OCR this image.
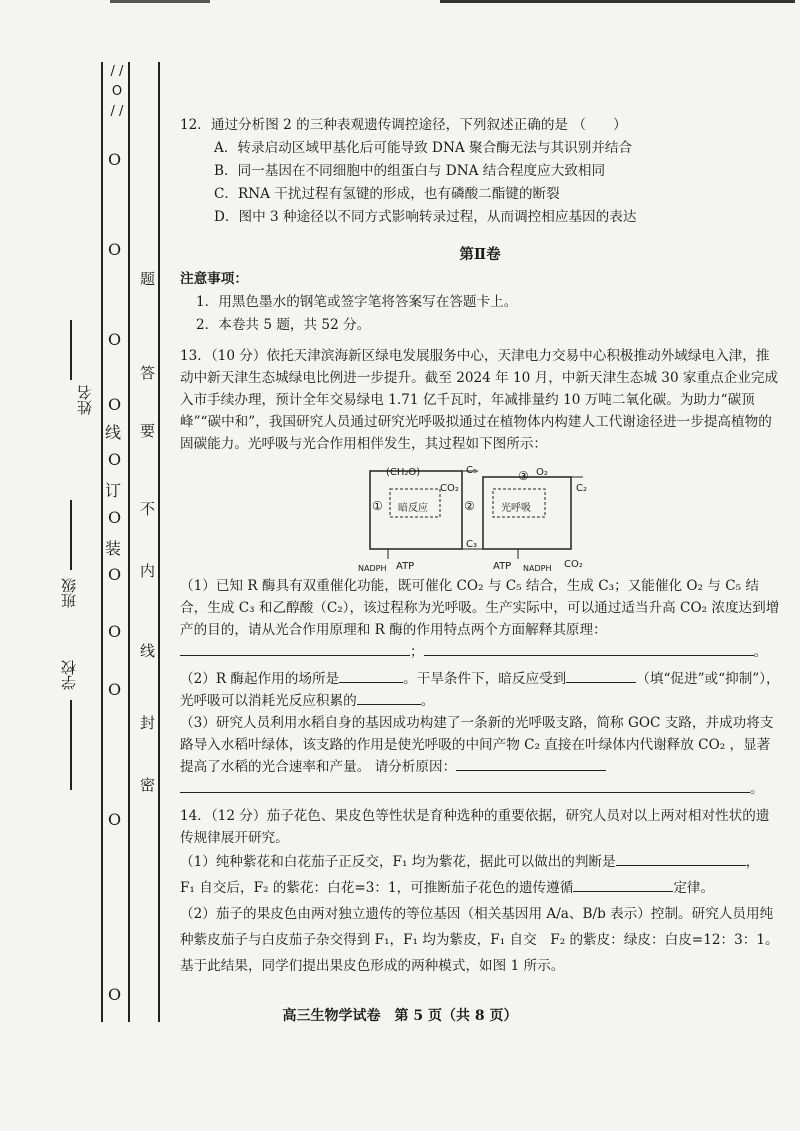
/ / O / /
O
O
O
O
O
O
O
O
O
O
O
线
订
装
密
封
线
内
不
要
答
题
姓名
班级
学校

12．通过分析图 2 的三种表观遗传调控途径，下列叙述正确的是 （　　）

A．转录启动区域甲基化后可能导致 DNA 聚合酶无法与其识别并结合

B．同一基因在不同细胞中的组蛋白与 DNA 结合程度应大致相同

C．RNA 干扰过程有氢键的形成，也有磷酸二酯键的断裂

D．图中 3 种途径以不同方式影响转录过程，从而调控相应基因的表达

第Ⅱ卷

注意事项：

1．用黑色墨水的钢笔或签字笔将答案写在答题卡上。

2．本卷共 5 题，共 52 分。

13．（10 分）依托天津滨海新区绿电发展服务中心，天津电力交易中心积极推动外域绿电入津，推动中新天津生态城绿电比例进一步提升。截至 2024 年 10 月，中新天津生态城 30 家重点企业完成入市手续办理，预计全年交易绿电 1.71 亿千瓦时，年减排量约 10 万吨二氧化碳。为助力“碳顶峰”“碳中和”，我国研究人员通过研究光呼吸拟通过在植物体内构建人工代谢途径进一步提高植物的固碳能力。光呼吸与光合作用相伴发生，其过程如下图所示：

(CH₂O)	C₅
CO₂
O₂
C₂
①	②
③
暗反应	光呼吸
C₃
NADPH ATP	ATP NADPH CO₂

（1）已知 R 酶具有双重催化功能，既可催化 CO₂ 与 C₅ 结合，生成 C₃；又能催化 O₂ 与 C₅ 结合，生成 C₃ 和乙醇酸（C₂），该过程称为光呼吸。生产实际中，可以通过适当升高 CO₂ 浓度达到增产的目的，请从光合作用原理和 R 酶的作用特点两个方面解释其原理：

；	。

（2）R 酶起作用的场所是	。干旱条件下，暗反应受到	（填“促进”或“抑制”），光呼吸可以消耗光反应积累的	。

（3）研究人员利用水稻自身的基因成功构建了一条新的光呼吸支路，简称 GOC 支路，并成功将支路导入水稻叶绿体，该支路的作用是使光呼吸的中间产物 C₂ 直接在叶绿体内代谢释放 CO₂ ，显著提高了水稻的光合速率和产量。 请分析原因：

。

14．（12 分）茄子花色、果皮色等性状是育种选种的重要依据，研究人员对以上两对相对性状的遗传规律展开研究。

（1）纯种紫花和白花茄子正反交，F₁ 均为紫花，据此可以做出的判断是	，

F₁ 自交后，F₂ 的紫花：白花=3：1，可推断茄子花色的遗传遵循	定律。

（2）茄子的果皮色由两对独立遗传的等位基因（相关基因用 A/a、B/b 表示）控制。研究人员用纯种紫皮茄子与白皮茄子杂交得到 F₁，F₁ 均为紫皮，F₁ 自交　F₂ 的紫皮：绿皮：白皮=12：3：1。基于此结果，同学们提出果皮色形成的两种模式，如图 1 所示。

高三生物学试卷　第 5 页（共 8 页）
